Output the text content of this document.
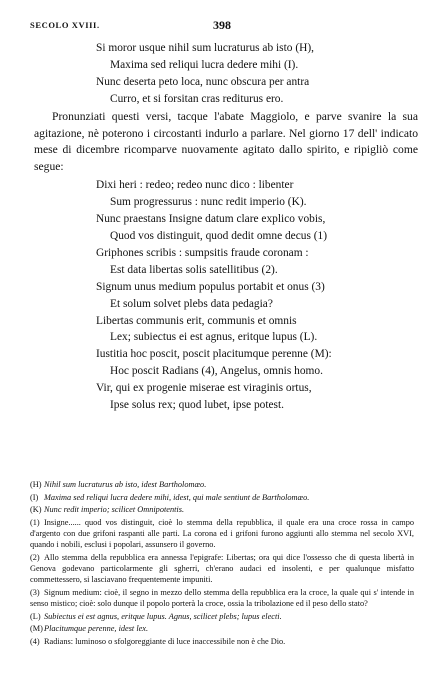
SECOLO XVIII.	398
Si moror usque nihil sum lucraturus ab isto (H),
Maxima sed reliqui lucra dedere mihi (I).
Nunc deserta peto loca, nunc obscura per antra
Curro, et si forsitan cras rediturus ero.

Pronunziati questi versi, tacque l'abate Maggiolo, e parve svanire la sua agitazione, nè poterono i circostanti indurlo a parlare. Nel giorno 17 dell' indicato mese di dicembre ricomparve nuovamente agitato dallo spirito, e ripigliò come segue:

Dixi heri : redeo; redeo nunc dico : libenter
Sum progressurus : nunc redit imperio (K).
Nunc praestans Insigne datum clare explico vobis,
Quod vos distinguit, quod dedit omne decus (1)
Griphones scribis : sumpsitis fraude coronam :
Est data libertas solis satellitibus (2).
Signum unus medium populus portabit et onus (3)
Et solum solvet plebs data pedagia?
Libertas communis erit, communis et omnis
Lex; subiectus ei est agnus, eritque lupus (L).
Iustitia hoc poscit, poscit placitumque perenne (M):
Hoc poscit Radians (4), Angelus, omnis homo.
Vir, qui ex progenie miserae est viraginis ortus,
Ipse solus rex; quod lubet, ipse potest.
(H) Nihil sum lucraturus ab isto, idest Bartholomæo.
(I) Maxima sed reliqui lucra dedere mihi, idest, qui male sentiunt de Bartholomæo.
(K) Nunc redit imperio; scilicet Omnipotentis.
(1) Insigne...... quod vos distinguit, cioè lo stemma della repubblica, il quale era una croce rossa in campo d'argento con due grifoni raspanti alle parti. La corona ed i grifoni furono aggiunti allo stemma nel secolo XVI, quando i nobili, esclusi i popolari, assunsero il governo.
(2) Allo stemma della repubblica era annessa l'epigrafe: Libertas; ora qui dice l'ossesso che di questa libertà in Genova godevano particolarmente gli sgherri, ch'erano audaci ed insolenti, e per qualunque misfatto commettessero, si lasciavano frequentemente impuniti.
(3) Signum medium: cioè, il segno in mezzo dello stemma della repubblica era la croce, la quale qui s' intende in senso mistico; cioè: solo dunque il popolo porterà la croce, ossia la tribolazione ed il peso dello stato?
(L) Subiectus ei est agnus, eritque lupus. Agnus, scilicet plebs; lupus electi.
(M)Placitumque perenne, idest lex.
(4) Radians: luminoso o sfolgoreggiante di luce inaccessibile non è che Dio.
